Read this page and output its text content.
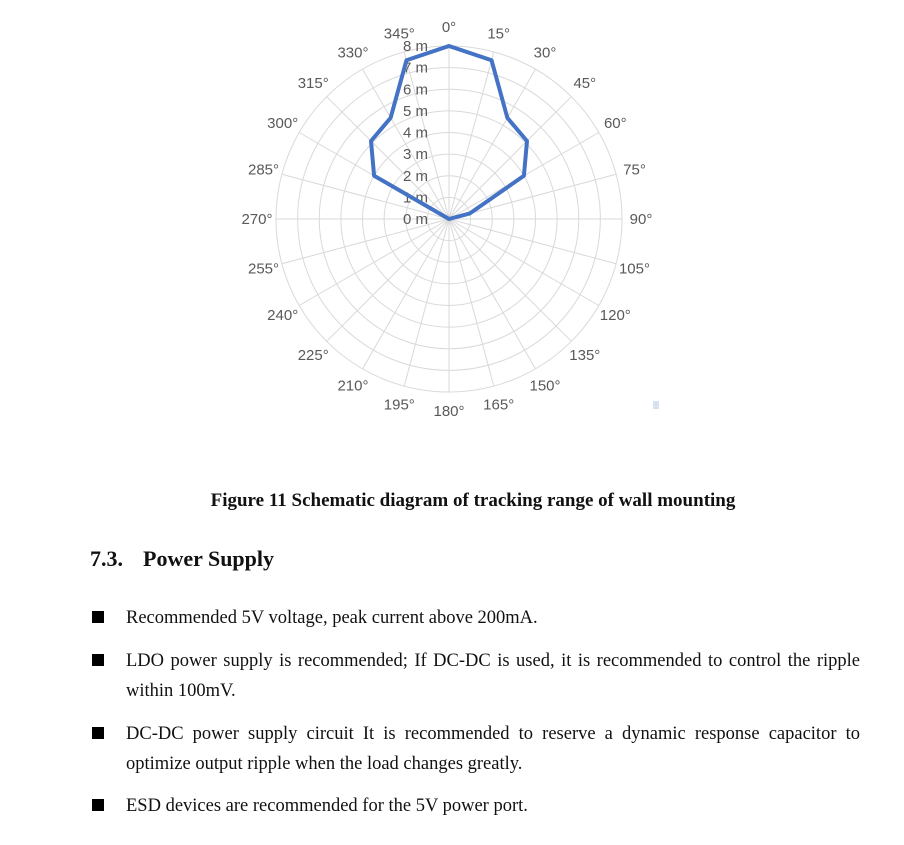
0 m
1 m
2 m
3 m
4 m
5 m
6 m
7 m
8 m
0° 15°
30°
45°
60°
75°
90°
105°
120°
135°
150°
165°
180°
195°
210°
225°
240°
255°
270°
285°
300°
315°
330°
345°
Figure 11 Schematic diagram of tracking range of wall mounting
7.3. Power Supply
Recommended 5V voltage, peak current above 200mA.
LDO power supply is recommended; If DC-DC is used, it is recommended to control the ripple within 100mV.
DC-DC power supply circuit It is recommended to reserve a dynamic response capacitor to optimize output ripple when the load changes greatly.
ESD devices are recommended for the 5V power port.
